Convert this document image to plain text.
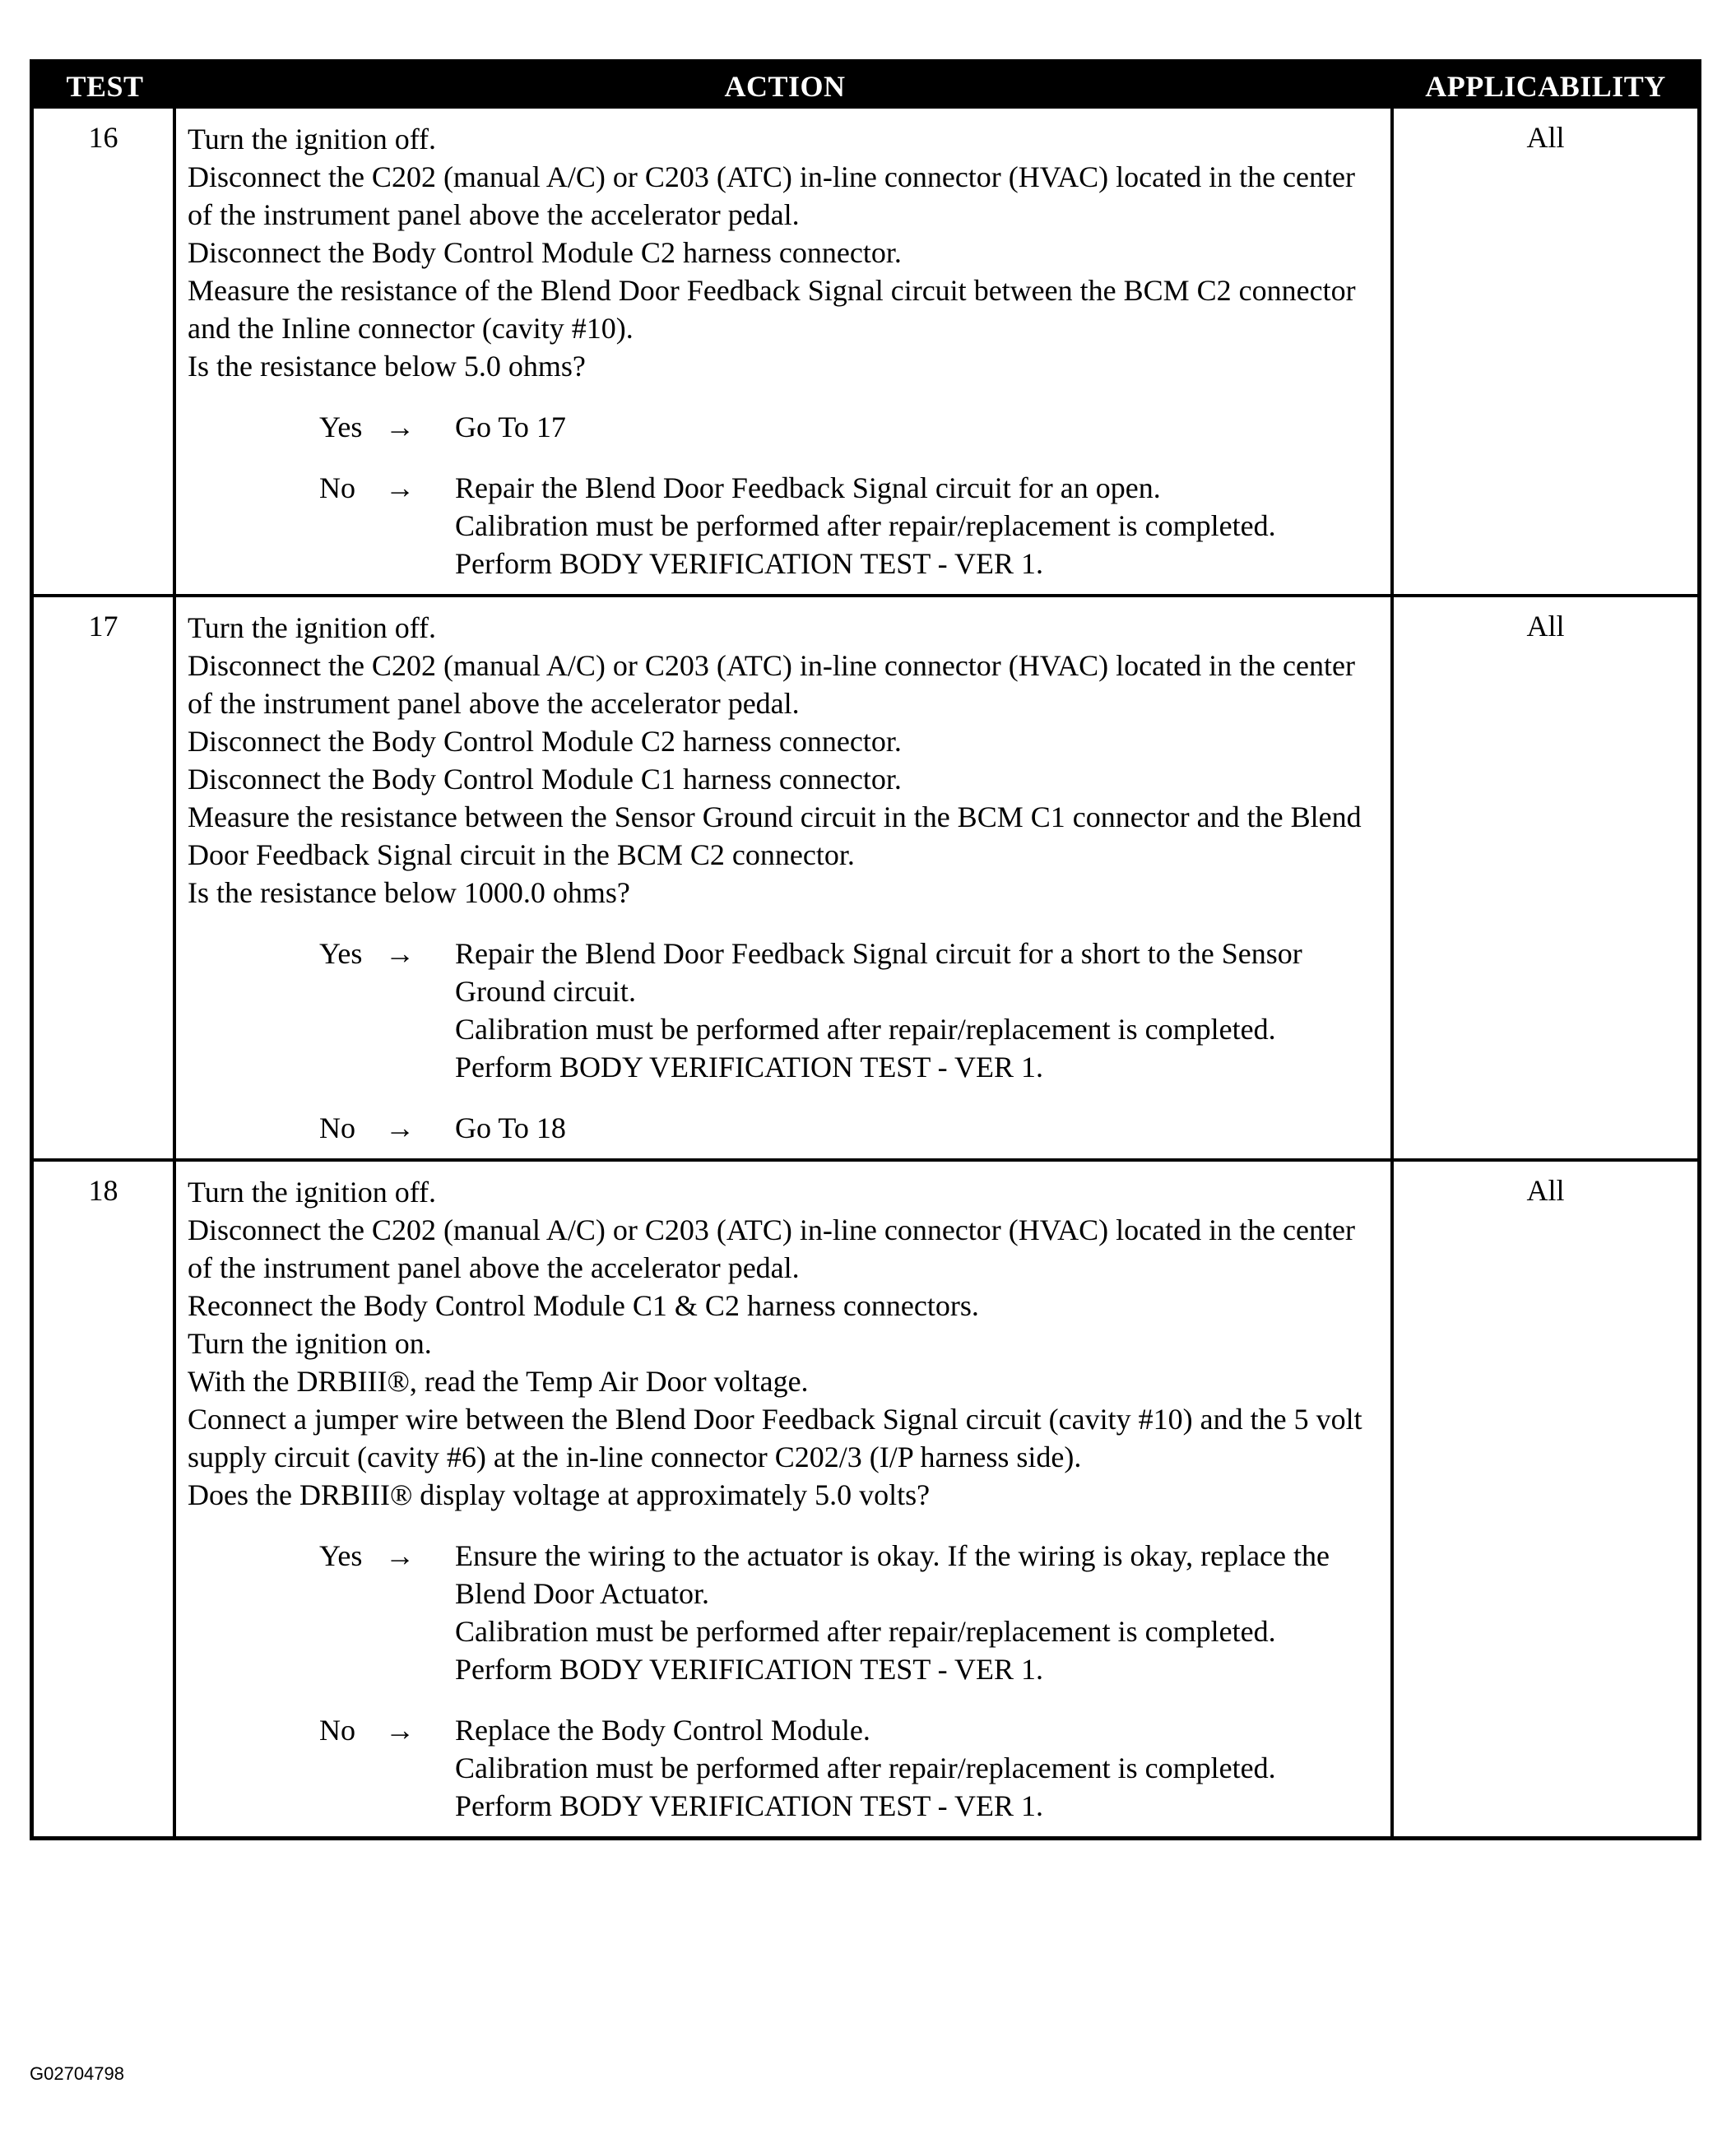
TEST	ACTION	APPLICABILITY
16	Turn the ignition off.
Disconnect the C202 (manual A/C) or C203 (ATC) in-line connector (HVAC) located in the center of the instrument panel above the accelerator pedal.
Disconnect the Body Control Module C2 harness connector.
Measure the resistance of the Blend Door Feedback Signal circuit between the BCM C2 connector and the Inline connector (cavity #10).
Is the resistance below 5.0 ohms?
Yes →	Go To 17
No	→	Repair the Blend Door Feedback Signal circuit for an open.
Calibration must be performed after repair/replacement is completed.
Perform BODY VERIFICATION TEST - VER 1.
All
17	Turn the ignition off.
Disconnect the C202 (manual A/C) or C203 (ATC) in-line connector (HVAC) located in the center of the instrument panel above the accelerator pedal.
Disconnect the Body Control Module C2 harness connector.
Disconnect the Body Control Module C1 harness connector.
Measure the resistance between the Sensor Ground circuit in the BCM C1 connector and the Blend Door Feedback Signal circuit in the BCM C2 connector.
Is the resistance below 1000.0 ohms?
Yes →	Repair the Blend Door Feedback Signal circuit for a short to the Sensor Ground circuit.
Calibration must be performed after repair/replacement is completed.
Perform BODY VERIFICATION TEST - VER 1.
No	→	Go To 18
All
18	Turn the ignition off.
Disconnect the C202 (manual A/C) or C203 (ATC) in-line connector (HVAC) located in the center of the instrument panel above the accelerator pedal.
Reconnect the Body Control Module C1 & C2 harness connectors.
Turn the ignition on.
With the DRBIII®, read the Temp Air Door voltage.
Connect a jumper wire between the Blend Door Feedback Signal circuit (cavity #10) and the 5 volt supply circuit (cavity #6) at the in-line connector C202/3 (I/P harness side).
Does the DRBIII® display voltage at approximately 5.0 volts?
Yes →	Ensure the wiring to the actuator is okay. If the wiring is okay, replace the Blend Door Actuator.
Calibration must be performed after repair/replacement is completed.
Perform BODY VERIFICATION TEST - VER 1.
No	→	Replace the Body Control Module.
Calibration must be performed after repair/replacement is completed.
Perform BODY VERIFICATION TEST - VER 1.
All
G02704798
